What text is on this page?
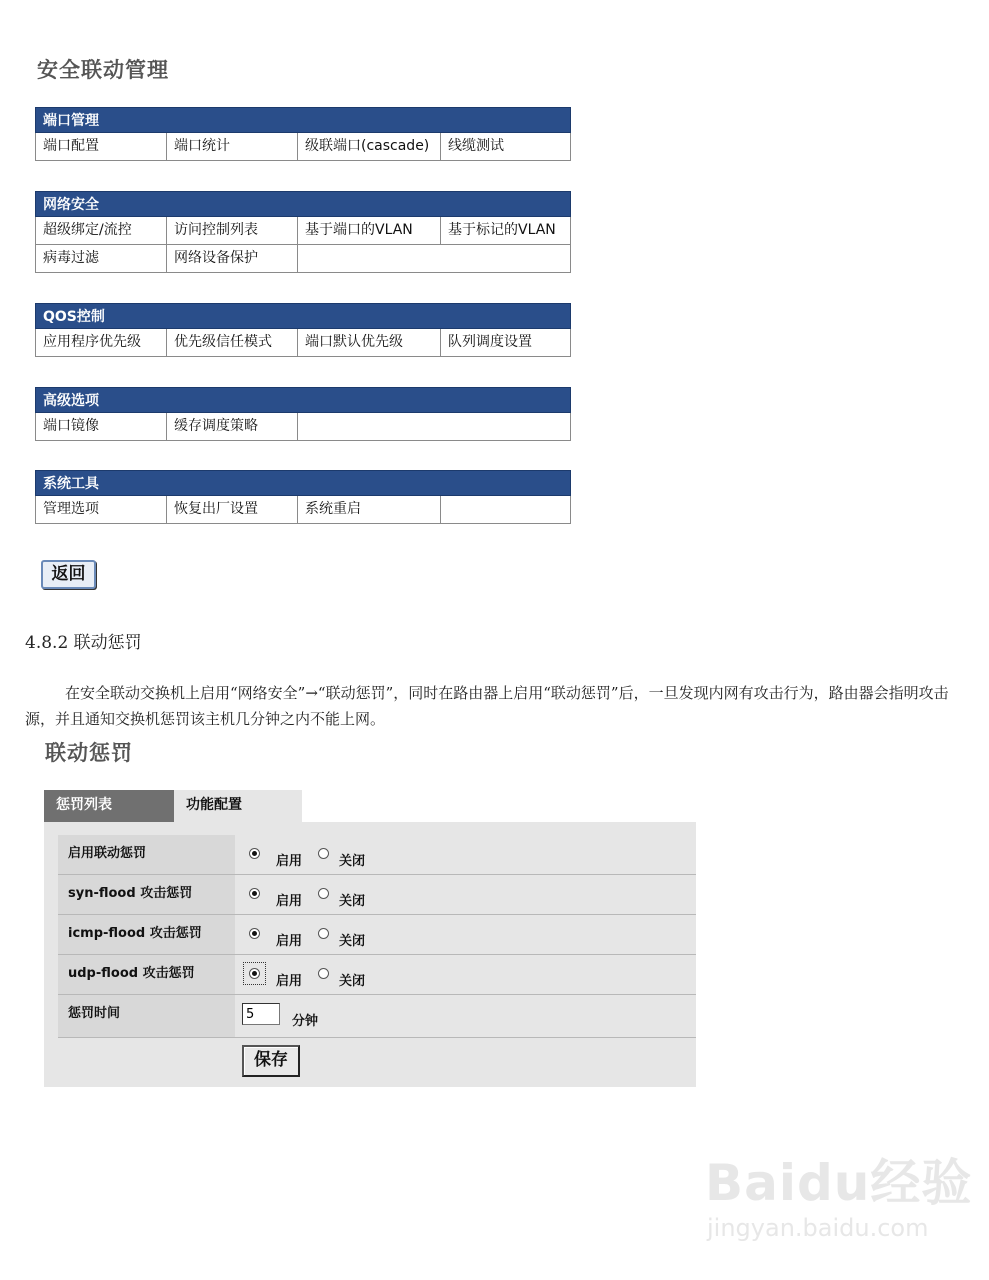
安全联动管理
端口管理
端口配置	端口统计	级联端口(cascade)	线缆测试
网络安全
超级绑定/流控	访问控制列表	基于端口的VLAN	基于标记的VLAN
病毒过滤	网络设备保护
QOS控制
应用程序优先级	优先级信任模式	端口默认优先级	队列调度设置
高级选项
端口镜像	缓存调度策略
系统工具
管理选项	恢复出厂设置	系统重启
返回
4.8.2 联动惩罚
在安全联动交换机上启用“网络安全”→“联动惩罚”，同时在路由器上启用“联动惩罚”后，一旦发现内网有攻击行为，路由器会指明攻击源，并且通知交换机惩罚该主机几分钟之内不能上网。
联动惩罚
惩罚列表	功能配置
启用联动惩罚
启用	关闭
syn-flood 攻击惩罚
启用	关闭
icmp-flood 攻击惩罚
启用	关闭
udp-flood 攻击惩罚
启用	关闭
惩罚时间
5
分钟
保存
Baidu经验
jingyan.baidu.com
